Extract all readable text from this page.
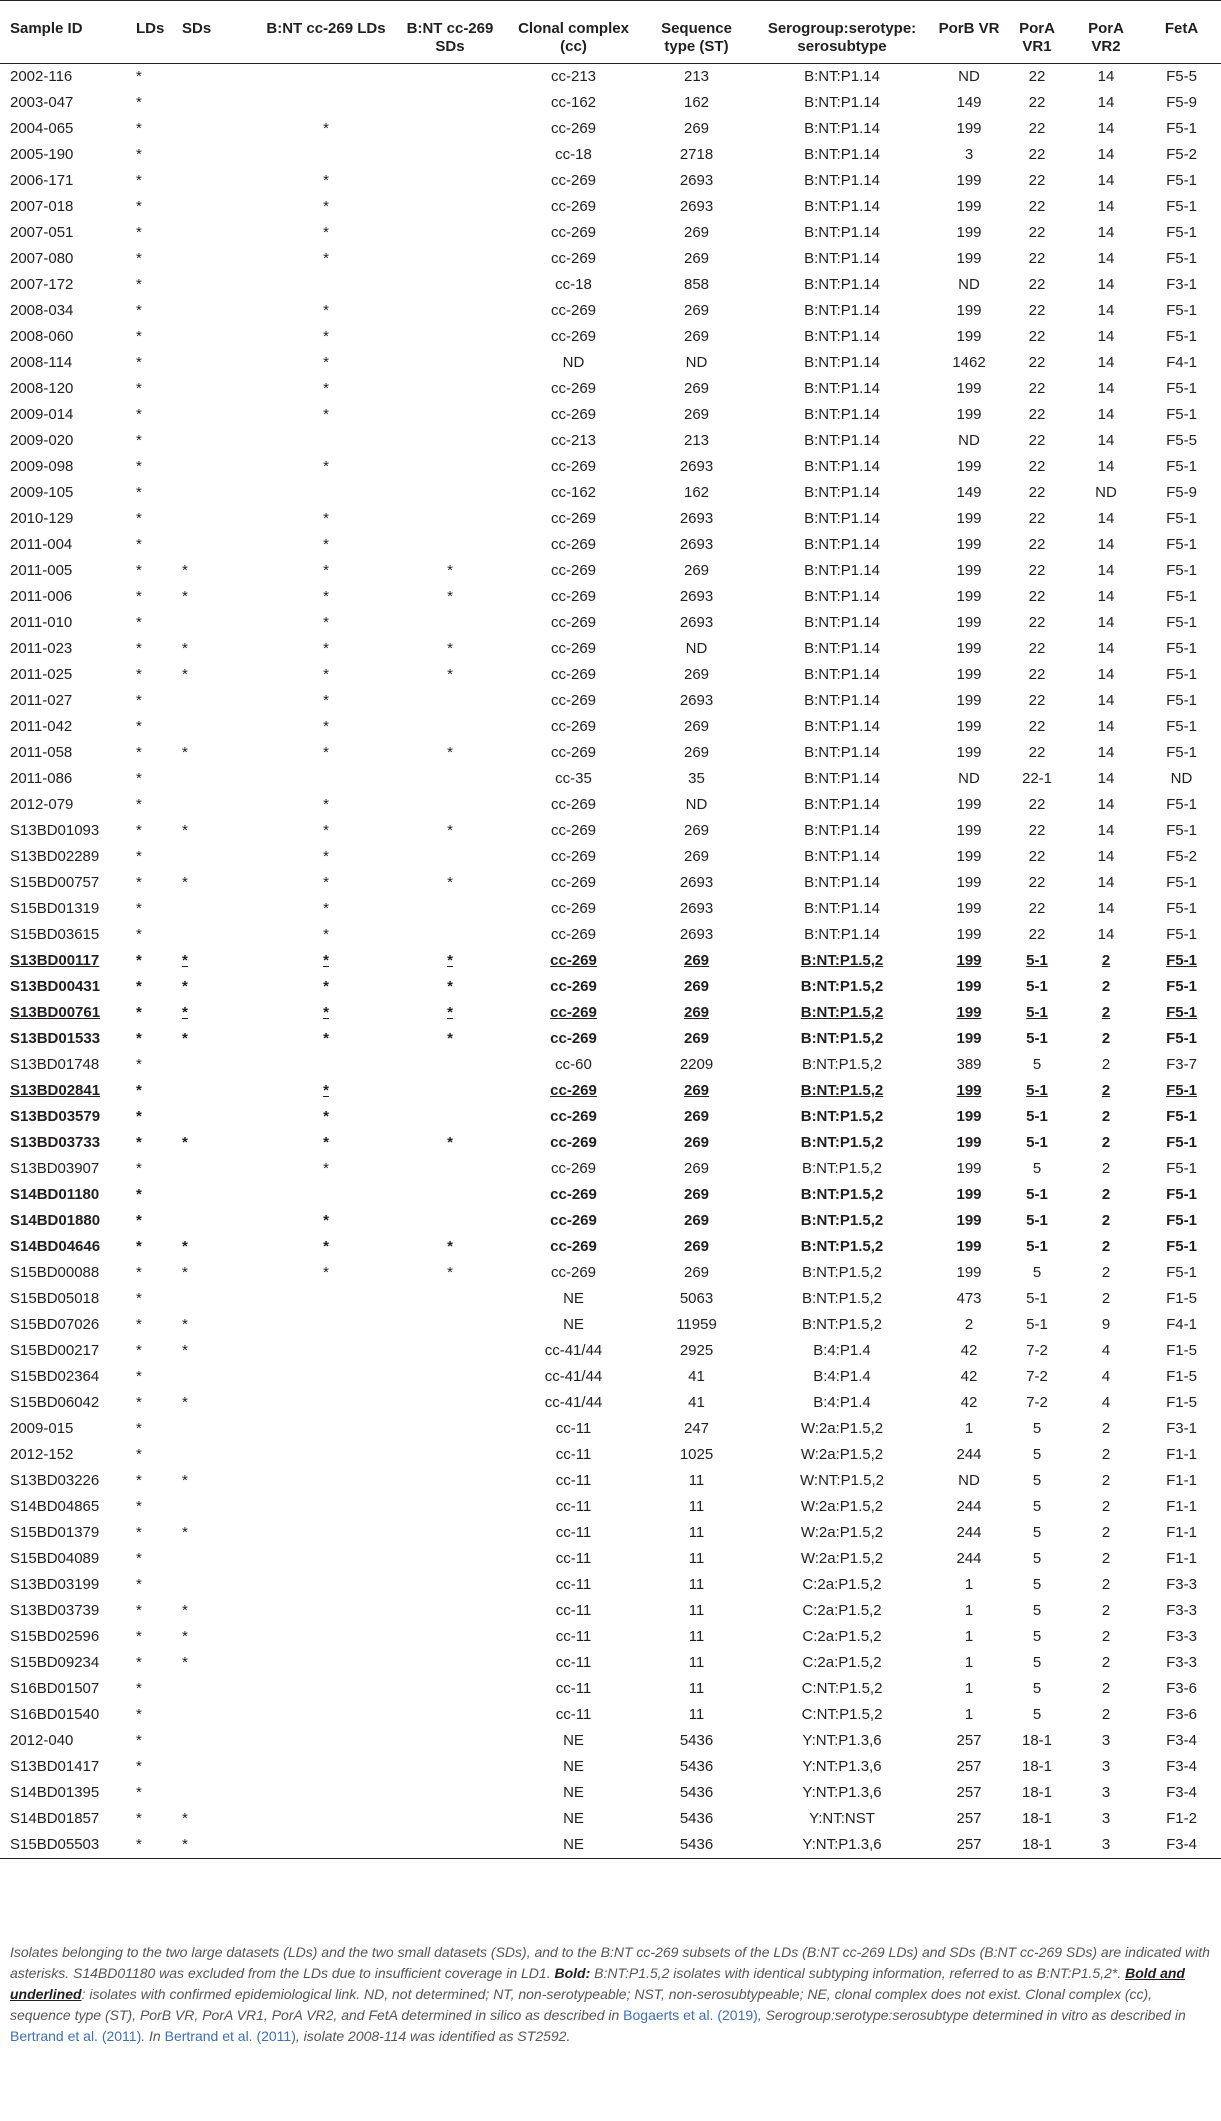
Sample ID	LDs	SDs	B:NT cc-269 LDs	B:NT cc-269 SDs	Clonal complex (cc)	Sequence type (ST)	Serogroup:serotype: serosubtype	PorB VR	PorA VR1	PorA VR2	FetA
2002-116	*				cc-213	213	B:NT:P1.14	ND	22	14	F5-5
2003-047	*				cc-162	162	B:NT:P1.14	149	22	14	F5-9
2004-065	*		*		cc-269	269	B:NT:P1.14	199	22	14	F5-1
2005-190	*				cc-18	2718	B:NT:P1.14	3	22	14	F5-2
2006-171	*		*		cc-269	2693	B:NT:P1.14	199	22	14	F5-1
2007-018	*		*		cc-269	2693	B:NT:P1.14	199	22	14	F5-1
2007-051	*		*		cc-269	269	B:NT:P1.14	199	22	14	F5-1
2007-080	*		*		cc-269	269	B:NT:P1.14	199	22	14	F5-1
2007-172	*				cc-18	858	B:NT:P1.14	ND	22	14	F3-1
2008-034	*		*		cc-269	269	B:NT:P1.14	199	22	14	F5-1
2008-060	*		*		cc-269	269	B:NT:P1.14	199	22	14	F5-1
2008-114	*		*		ND	ND	B:NT:P1.14	1462	22	14	F4-1
2008-120	*		*		cc-269	269	B:NT:P1.14	199	22	14	F5-1
2009-014	*		*		cc-269	269	B:NT:P1.14	199	22	14	F5-1
2009-020	*				cc-213	213	B:NT:P1.14	ND	22	14	F5-5
2009-098	*		*		cc-269	2693	B:NT:P1.14	199	22	14	F5-1
2009-105	*				cc-162	162	B:NT:P1.14	149	22	ND	F5-9
2010-129	*		*		cc-269	2693	B:NT:P1.14	199	22	14	F5-1
2011-004	*		*		cc-269	2693	B:NT:P1.14	199	22	14	F5-1
2011-005	*	*	*	*	cc-269	269	B:NT:P1.14	199	22	14	F5-1
2011-006	*	*	*	*	cc-269	2693	B:NT:P1.14	199	22	14	F5-1
2011-010	*		*		cc-269	2693	B:NT:P1.14	199	22	14	F5-1
2011-023	*	*	*	*	cc-269	ND	B:NT:P1.14	199	22	14	F5-1
2011-025	*	*	*	*	cc-269	269	B:NT:P1.14	199	22	14	F5-1
2011-027	*		*		cc-269	2693	B:NT:P1.14	199	22	14	F5-1
2011-042	*		*		cc-269	269	B:NT:P1.14	199	22	14	F5-1
2011-058	*	*	*	*	cc-269	269	B:NT:P1.14	199	22	14	F5-1
2011-086	*				cc-35	35	B:NT:P1.14	ND	22-1	14	ND
2012-079	*		*		cc-269	ND	B:NT:P1.14	199	22	14	F5-1
S13BD01093	*	*	*	*	cc-269	269	B:NT:P1.14	199	22	14	F5-1
S13BD02289	*		*		cc-269	269	B:NT:P1.14	199	22	14	F5-2
S15BD00757	*	*	*	*	cc-269	2693	B:NT:P1.14	199	22	14	F5-1
S15BD01319	*		*		cc-269	2693	B:NT:P1.14	199	22	14	F5-1
S15BD03615	*		*		cc-269	2693	B:NT:P1.14	199	22	14	F5-1
S13BD00117	*	*	*	*	cc-269	269	B:NT:P1.5,2	199	5-1	2	F5-1
S13BD00431	*	*	*	*	cc-269	269	B:NT:P1.5,2	199	5-1	2	F5-1
S13BD00761	*	*	*	*	cc-269	269	B:NT:P1.5,2	199	5-1	2	F5-1
S13BD01533	*	*	*	*	cc-269	269	B:NT:P1.5,2	199	5-1	2	F5-1
S13BD01748	*				cc-60	2209	B:NT:P1.5,2	389	5	2	F3-7
S13BD02841	*		*		cc-269	269	B:NT:P1.5,2	199	5-1	2	F5-1
S13BD03579	*		*		cc-269	269	B:NT:P1.5,2	199	5-1	2	F5-1
S13BD03733	*	*	*	*	cc-269	269	B:NT:P1.5,2	199	5-1	2	F5-1
S13BD03907	*		*		cc-269	269	B:NT:P1.5,2	199	5	2	F5-1
S14BD01180	*				cc-269	269	B:NT:P1.5,2	199	5-1	2	F5-1
S14BD01880	*		*		cc-269	269	B:NT:P1.5,2	199	5-1	2	F5-1
S14BD04646	*	*	*	*	cc-269	269	B:NT:P1.5,2	199	5-1	2	F5-1
S15BD00088	*	*	*	*	cc-269	269	B:NT:P1.5,2	199	5	2	F5-1
S15BD05018	*				NE	5063	B:NT:P1.5,2	473	5-1	2	F1-5
S15BD07026	*	*			NE	11959	B:NT:P1.5,2	2	5-1	9	F4-1
S15BD00217	*	*			cc-41/44	2925	B:4:P1.4	42	7-2	4	F1-5
S15BD02364	*				cc-41/44	41	B:4:P1.4	42	7-2	4	F1-5
S15BD06042	*	*			cc-41/44	41	B:4:P1.4	42	7-2	4	F1-5
2009-015	*				cc-11	247	W:2a:P1.5,2	1	5	2	F3-1
2012-152	*				cc-11	1025	W:2a:P1.5,2	244	5	2	F1-1
S13BD03226	*	*			cc-11	11	W:NT:P1.5,2	ND	5	2	F1-1
S14BD04865	*				cc-11	11	W:2a:P1.5,2	244	5	2	F1-1
S15BD01379	*	*			cc-11	11	W:2a:P1.5,2	244	5	2	F1-1
S15BD04089	*				cc-11	11	W:2a:P1.5,2	244	5	2	F1-1
S13BD03199	*				cc-11	11	C:2a:P1.5,2	1	5	2	F3-3
S13BD03739	*	*			cc-11	11	C:2a:P1.5,2	1	5	2	F3-3
S15BD02596	*	*			cc-11	11	C:2a:P1.5,2	1	5	2	F3-3
S15BD09234	*	*			cc-11	11	C:2a:P1.5,2	1	5	2	F3-3
S16BD01507	*				cc-11	11	C:NT:P1.5,2	1	5	2	F3-6
S16BD01540	*				cc-11	11	C:NT:P1.5,2	1	5	2	F3-6
2012-040	*				NE	5436	Y:NT:P1.3,6	257	18-1	3	F3-4
S13BD01417	*				NE	5436	Y:NT:P1.3,6	257	18-1	3	F3-4
S14BD01395	*				NE	5436	Y:NT:P1.3,6	257	18-1	3	F3-4
S14BD01857	*	*			NE	5436	Y:NT:NST	257	18-1	3	F1-2
S15BD05503	*	*			NE	5436	Y:NT:P1.3,6	257	18-1	3	F3-4
Isolates belonging to the two large datasets (LDs) and the two small datasets (SDs), and to the B:NT cc-269 subsets of the LDs (B:NT cc-269 LDs) and SDs (B:NT cc-269 SDs) are indicated with asterisks. S14BD01180 was excluded from the LDs due to insufficient coverage in LD1. Bold: B:NT:P1.5,2 isolates with identical subtyping information, referred to as B:NT:P1.5,2*. Bold and underlined: isolates with confirmed epidemiological link. ND, not determined; NT, non-serotypeable; NST, non-serosubtypeable; NE, clonal complex does not exist. Clonal complex (cc), sequence type (ST), PorB VR, PorA VR1, PorA VR2, and FetA determined in silico as described in Bogaerts et al. (2019), Serogroup:serotype:serosubtype determined in vitro as described in Bertrand et al. (2011). In Bertrand et al. (2011), isolate 2008-114 was identified as ST2592.
